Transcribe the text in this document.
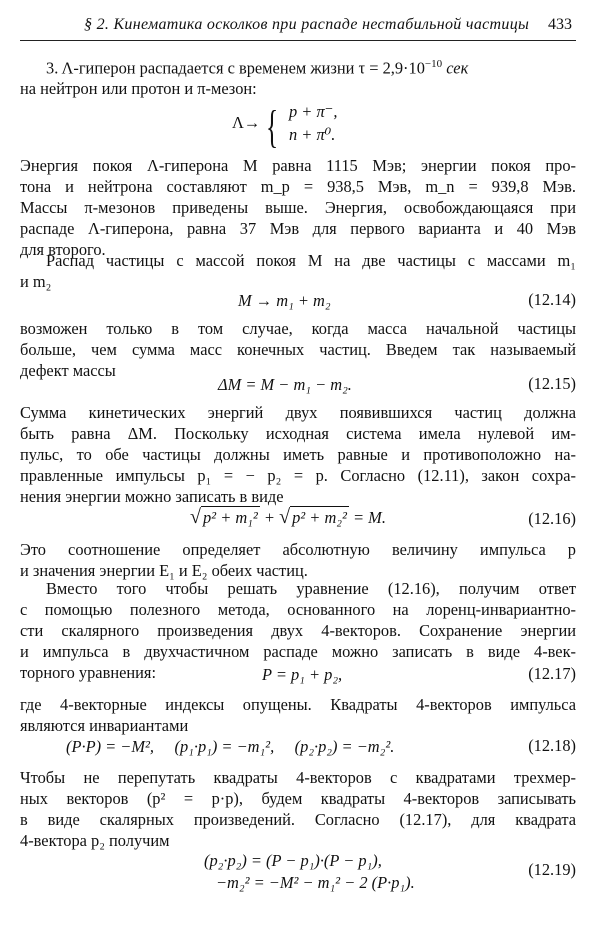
§ 2. Кинематика осколков при распаде нестабильной частицы 433

3. Λ-гиперон распадается с временем жизни $\tau = 2,9\cdot 10^{-10}$ сек

на нейтрон или протон и π-мезон:

Λ→ { p + π⁻,
n + π⁰.

Энергия покоя Λ-гиперона M равна 1115 Мэв; энергии покоя про-

тона и нейтрона составляют m_p = 938,5 Мэв, m_n = 939,8 Мэв.

Массы π-мезонов приведены выше. Энергия, освобождающаяся при

распаде Λ-гиперона, равна 37 Мэв для первого варианта и 40 Мэв

для второго.

Распад частицы с массой покоя M на две частицы с массами m₁

и m₂

M → m₁ + m₂	(12.14)

возможен только в том случае, когда масса начальной частицы

больше, чем сумма масс конечных частиц. Введем так называемый

дефект массы

ΔM = M − m₁ − m₂.	(12.15)

Сумма кинетических энергий двух появившихся частиц должна

быть равна ΔM. Поскольку исходная система имела нулевой им-

пульс, то обе частицы должны иметь равные и противоположно на-

правленные импульсы p₁ = − p₂ = p. Согласно (12.11), закон сохра-

нения энергии можно записать в виде

√ p² + m₁² + √ p² + m₂² = M.	(12.16)

Это соотношение определяет абсолютную величину импульса p

и значения энергии E₁ и E₂ обеих частиц.

Вместо того чтобы решать уравнение (12.16), получим ответ

с помощью полезного метода, основанного на лоренц-инвариантно-

сти скалярного произведения двух 4-векторов. Сохранение энергии

и импульса в двухчастичном распаде можно записать в виде 4-век-

торного уравнения:	P = p₁ + p₂,	(12.17)

где 4-векторные индексы опущены. Квадраты 4-векторов импульса

являются инвариантами

(P·P) = −M²,     (p₁·p₁) = −m₁²,     (p₂·p₂) = −m₂².	(12.18)

Чтобы не перепутать квадраты 4-векторов с квадратами трехмер-

ных векторов (p² = p·p), будем квадраты 4-векторов записывать

в виде скалярных произведений. Согласно (12.17), для квадрата

4-вектора p₂ получим

(p₂·p₂) = (P − p₁)·(P − p₁),
−m₂² = −M² − m₁² − 2 (P·p₁).
(12.19)
